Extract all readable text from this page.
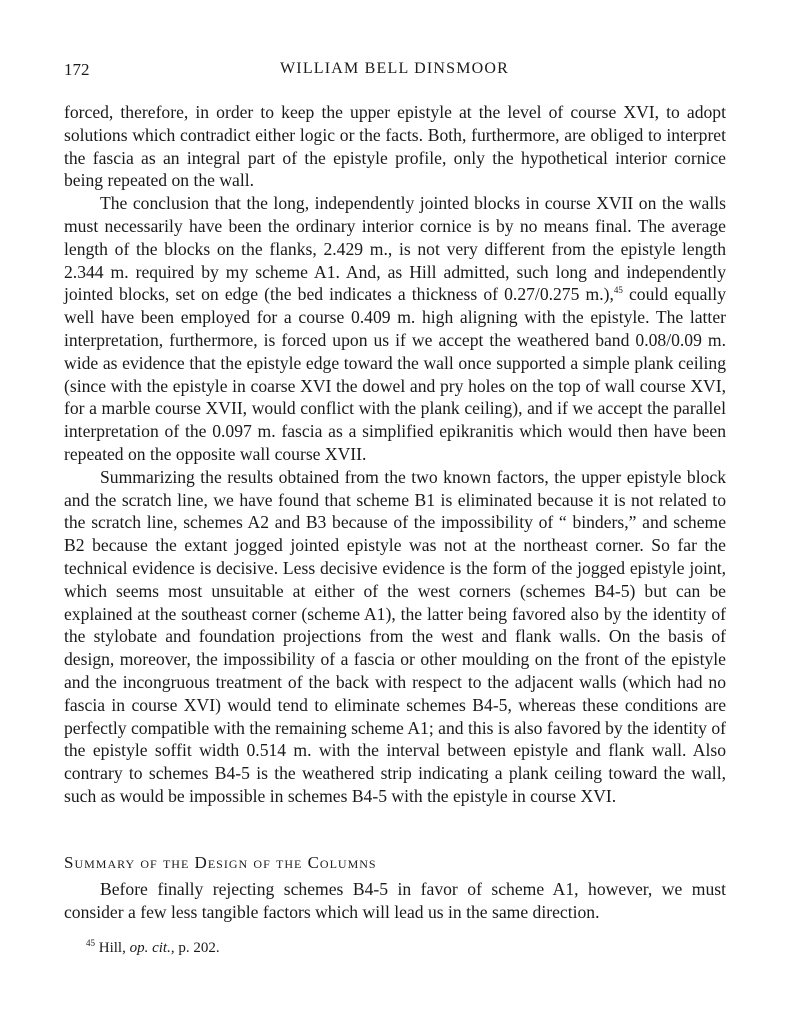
172	WILLIAM BELL DINSMOOR

forced, therefore, in order to keep the upper epistyle at the level of course XVI, to adopt solutions which contradict either logic or the facts. Both, furthermore, are obliged to interpret the fascia as an integral part of the epistyle profile, only the hypothetical interior cornice being repeated on the wall.

The conclusion that the long, independently jointed blocks in course XVII on the walls must necessarily have been the ordinary interior cornice is by no means final. The average length of the blocks on the flanks, 2.429 m., is not very different from the epistyle length 2.344 m. required by my scheme A1. And, as Hill admitted, such long and independently jointed blocks, set on edge (the bed indicates a thickness of 0.27/0.275 m.),$^{45}$ could equally well have been employed for a course 0.409 m. high aligning with the epistyle. The latter interpretation, furthermore, is forced upon us if we accept the weathered band 0.08/0.09 m. wide as evidence that the epistyle edge toward the wall once supported a simple plank ceiling (since with the epistyle in coarse XVI the dowel and pry holes on the top of wall course XVI, for a marble course XVII, would conflict with the plank ceiling), and if we accept the parallel interpretation of the 0.097 m. fascia as a simplified epikranitis which would then have been repeated on the opposite wall course XVII.

Summarizing the results obtained from the two known factors, the upper epistyle block and the scratch line, we have found that scheme B1 is eliminated because it is not related to the scratch line, schemes A2 and B3 because of the impossibility of “ binders,” and scheme B2 because the extant jogged jointed epistyle was not at the northeast corner. So far the technical evidence is decisive. Less decisive evidence is the form of the jogged epistyle joint, which seems most unsuitable at either of the west corners (schemes B4-5) but can be explained at the southeast corner (scheme A1), the latter being favored also by the identity of the stylobate and foundation projections from the west and flank walls. On the basis of design, moreover, the impossibility of a fascia or other moulding on the front of the epistyle and the incongruous treatment of the back with respect to the adjacent walls (which had no fascia in course XVI) would tend to eliminate schemes B4-5, whereas these conditions are perfectly compatible with the remaining scheme A1; and this is also favored by the identity of the epistyle soffit width 0.514 m. with the interval between epistyle and flank wall. Also contrary to schemes B4-5 is the weathered strip indicating a plank ceiling toward the wall, such as would be impossible in schemes B4-5 with the epistyle in course XVI.

Summary of the Design of the Columns

Before finally rejecting schemes B4-5 in favor of scheme A1, however, we must consider a few less tangible factors which will lead us in the same direction.

$^{45}$ Hill, op. cit., p. 202.
